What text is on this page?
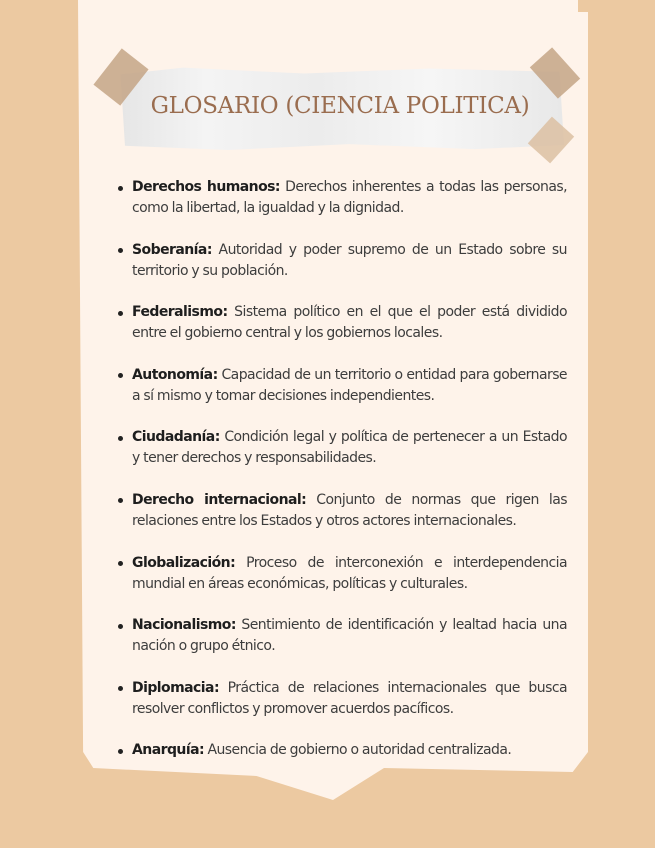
GLOSARIO (CIENCIA POLITICA)
Derechos humanos: Derechos inherentes a todas las personas, como la libertad, la igualdad y la dignidad.
Soberanía: Autoridad y poder supremo de un Estado sobre su territorio y su población.
Federalismo: Sistema político en el que el poder está dividido entre el gobierno central y los gobiernos locales.
Autonomía: Capacidad de un territorio o entidad para gobernarse a sí mismo y tomar decisiones independientes.
Ciudadanía: Condición legal y política de pertenecer a un Estado y tener derechos y responsabilidades.
Derecho internacional: Conjunto de normas que rigen las relaciones entre los Estados y otros actores internacionales.
Globalización: Proceso de interconexión e interdependencia mundial en áreas económicas, políticas y culturales.
Nacionalismo: Sentimiento de identificación y lealtad hacia una nación o grupo étnico.
Diplomacia: Práctica de relaciones internacionales que busca resolver conflictos y promover acuerdos pacíficos.
Anarquía: Ausencia de gobierno o autoridad centralizada.
